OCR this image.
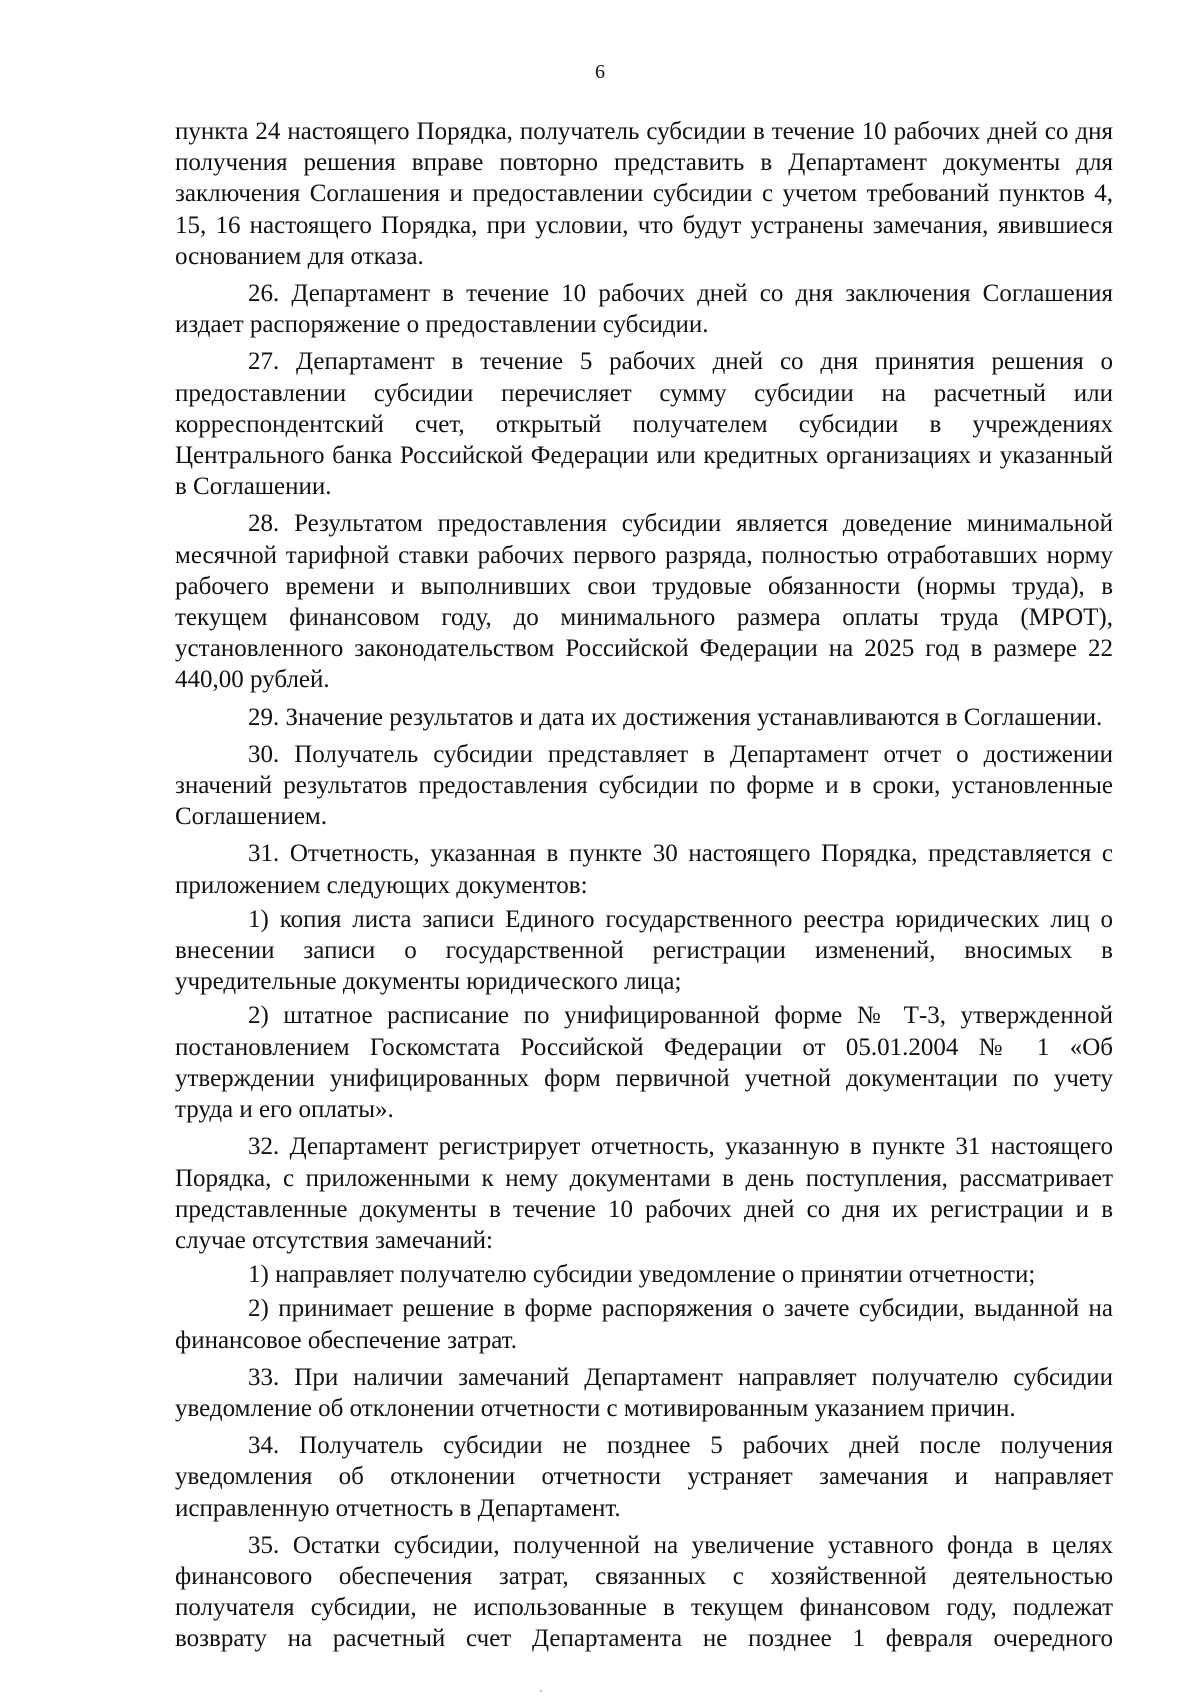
6

пункта 24 настоящего Порядка, получатель субсидии в течение 10 рабочих дней со дня получения решения вправе повторно представить в Департамент документы для заключения Соглашения и предоставлении субсидии с учетом требований пунктов 4, 15, 16 настоящего Порядка, при условии, что будут устранены замечания, явившиеся основанием для отказа.

26. Департамент в течение 10 рабочих дней со дня заключения Соглашения издает распоряжение о предоставлении субсидии.

27. Департамент в течение 5 рабочих дней со дня принятия решения о предоставлении субсидии перечисляет сумму субсидии на расчетный или корреспондентский счет, открытый получателем субсидии в учреждениях Центрального банка Российской Федерации или кредитных организациях и указанный в Соглашении.

28. Результатом предоставления субсидии является доведение минимальной месячной тарифной ставки рабочих первого разряда, полностью отработавших норму рабочего времени и выполнивших свои трудовые обязанности (нормы труда), в текущем финансовом году, до минимального размера оплаты труда (МРОТ), установленного законодательством Российской Федерации на 2025 год в размере 22 440,00 рублей.

29. Значение результатов и дата их достижения устанавливаются в Соглашении.

30. Получатель субсидии представляет в Департамент отчет о достижении значений результатов предоставления субсидии по форме и в сроки, установленные Соглашением.

31. Отчетность, указанная в пункте 30 настоящего Порядка, представляется с приложением следующих документов:

1) копия листа записи Единого государственного реестра юридических лиц о внесении записи о государственной регистрации изменений, вносимых в учредительные документы юридического лица;

2) штатное расписание по унифицированной форме № Т-3, утвержденной постановлением Госкомстата Российской Федерации от 05.01.2004 № 1 «Об утверждении унифицированных форм первичной учетной документации по учету труда и его оплаты».

32. Департамент регистрирует отчетность, указанную в пункте 31 настоящего Порядка, с приложенными к нему документами в день поступления, рассматривает представленные документы в течение 10 рабочих дней со дня их регистрации и в случае отсутствия замечаний:

1) направляет получателю субсидии уведомление о принятии отчетности;

2) принимает решение в форме распоряжения о зачете субсидии, выданной на финансовое обеспечение затрат.

33. При наличии замечаний Департамент направляет получателю субсидии уведомление об отклонении отчетности с мотивированным указанием причин.

34. Получатель субсидии не позднее 5 рабочих дней после получения уведомления об отклонении отчетности устраняет замечания и направляет исправленную отчетность в Департамент.

35. Остатки субсидии, полученной на увеличение уставного фонда в целях финансового обеспечения затрат, связанных с хозяйственной деятельностью получателя субсидии, не использованные в текущем финансовом году, подлежат возврату на расчетный счет Департамента не позднее 1 февраля очередного
